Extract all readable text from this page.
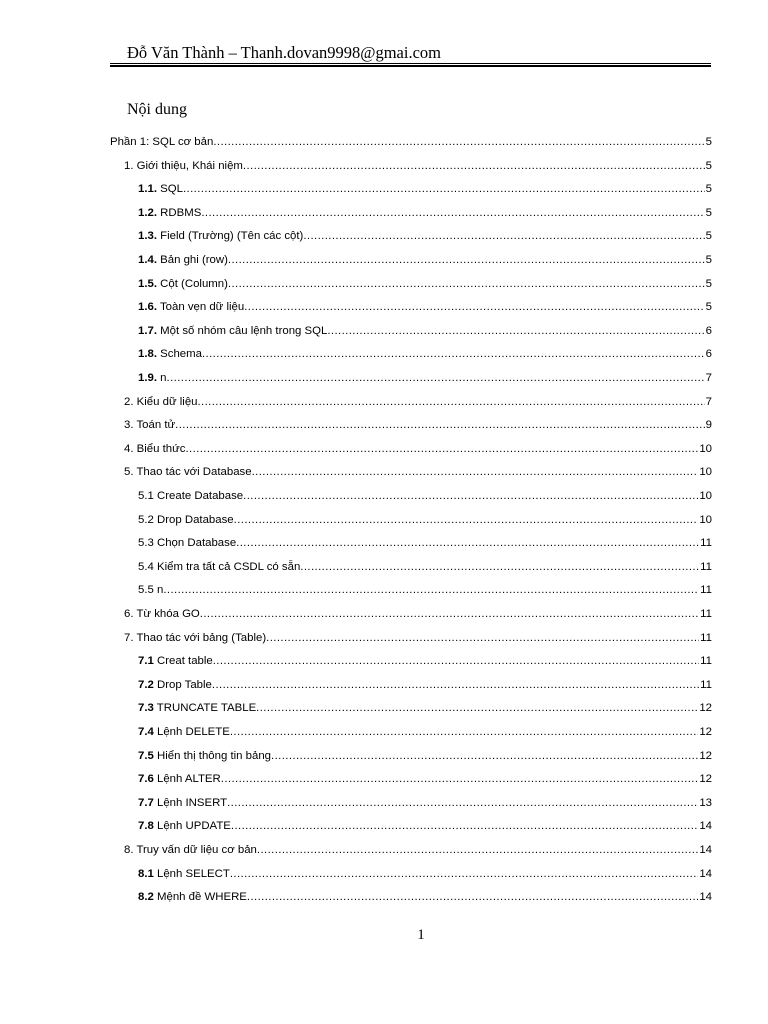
Đỗ Văn Thành – Thanh.dovan9998@gmai.com
Nội dung
Phần 1: SQL cơ bản .....	5
1. Giới thiệu, Khái niệm .....	5
1.1. SQL .....	5
1.2. RDBMS .....	5
1.3. Field (Trường) (Tên các cột) .....	5
1.4. Bản ghi (row) .....	5
1.5. Cột (Column) .....	5
1.6. Toàn vẹn dữ liệu .....	5
1.7. Một số nhóm câu lệnh trong SQL .....	6
1.8. Schema .....	6
1.9. n .....	7
2. Kiểu dữ liệu .....	7
3. Toán tử .....	9
4. Biểu thức .....	10
5. Thao tác với Database .....	10
5.1 Create Database .....	10
5.2 Drop Database .....	10
5.3 Chọn Database .....	11
5.4 Kiểm tra tất cả CSDL có sẵn .....	11
5.5 n .....	11
6. Từ khóa GO .....	11
7. Thao tác với bảng (Table) .....	11
7.1 Creat table .....	11
7.2 Drop Table .....	11
7.3 TRUNCATE TABLE .....	12
7.4 Lệnh DELETE .....	12
7.5 Hiển thị thông tin bảng .....	12
7.6 Lệnh ALTER .....	12
7.7 Lệnh INSERT .....	13
7.8 Lệnh UPDATE .....	14
8. Truy vấn dữ liệu cơ bản .....	14
8.1 Lệnh SELECT .....	14
8.2 Mệnh đề WHERE .....	14
1
